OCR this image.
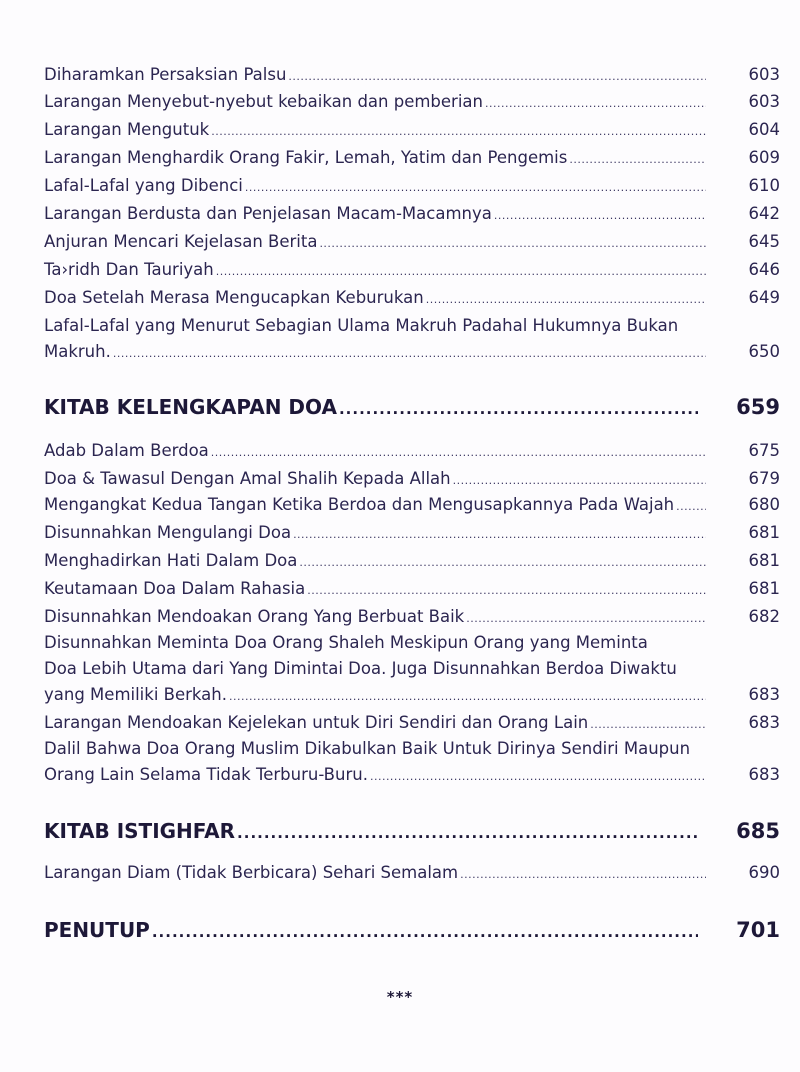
Diharamkan Persaksian Palsu .....	603
Larangan Menyebut-nyebut kebaikan dan pemberian .....	603
Larangan Mengutuk .....	604
Larangan Menghardik Orang Fakir, Lemah, Yatim dan Pengemis .....	609
Lafal-Lafal yang Dibenci .....	610
Larangan Berdusta dan Penjelasan Macam-Macamnya .....	642
Anjuran Mencari Kejelasan Berita .....	645
Ta›ridh Dan Tauriyah .....	646
Doa Setelah Merasa Mengucapkan Keburukan .....	649
Lafal-Lafal yang Menurut Sebagian Ulama Makruh Padahal Hukumnya Bukan
Makruh. .....	650
KITAB KELENGKAPAN DOA .....	659
Adab Dalam Berdoa .....	675
Doa & Tawasul Dengan Amal Shalih Kepada Allah .....	679
Mengangkat Kedua Tangan Ketika Berdoa dan Mengusapkannya Pada Wajah .....	680
Disunnahkan Mengulangi Doa .....	681
Menghadirkan Hati Dalam Doa .....	681
Keutamaan Doa Dalam Rahasia .....	681
Disunnahkan Mendoakan Orang Yang Berbuat Baik .....	682
Disunnahkan Meminta Doa Orang Shaleh Meskipun Orang yang Meminta
Doa Lebih Utama dari Yang Dimintai Doa. Juga Disunnahkan Berdoa Diwaktu
yang Memiliki Berkah. .....	683
Larangan Mendoakan Kejelekan untuk Diri Sendiri dan Orang Lain .....	683
Dalil Bahwa Doa Orang Muslim Dikabulkan Baik Untuk Dirinya Sendiri Maupun
Orang Lain Selama Tidak Terburu-Buru. .....	683
KITAB ISTIGHFAR .....	685
Larangan Diam (Tidak Berbicara) Sehari Semalam .....	690
PENUTUP .....	701
***
